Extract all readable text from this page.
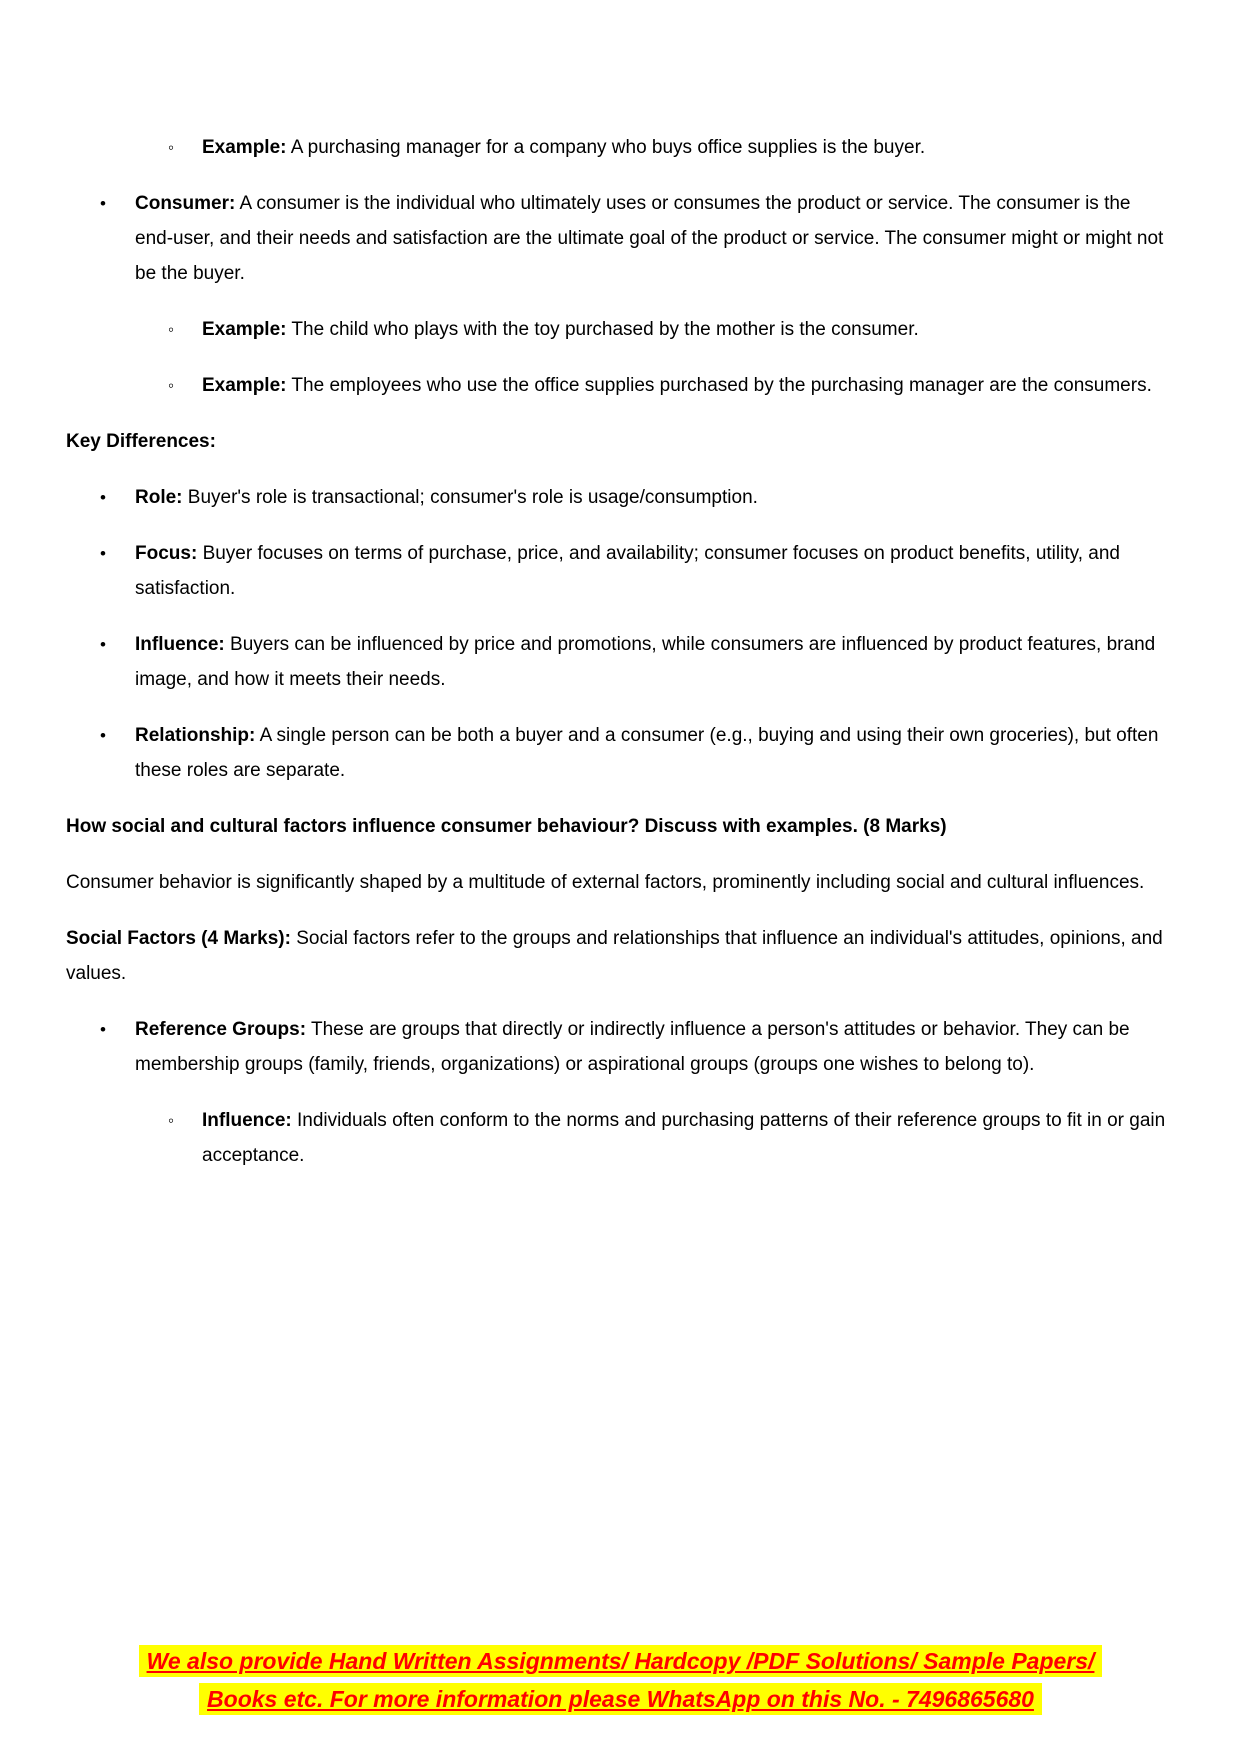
◦	Example: A purchasing manager for a company who buys office supplies is the buyer.
•	Consumer: A consumer is the individual who ultimately uses or consumes the product or service. The consumer is the end-user, and their needs and satisfaction are the ultimate goal of the product or service. The consumer might or might not be the buyer.
◦	Example: The child who plays with the toy purchased by the mother is the consumer.
◦	Example: The employees who use the office supplies purchased by the purchasing manager are the consumers.
Key Differences:
•	Role: Buyer's role is transactional; consumer's role is usage/consumption.
•	Focus: Buyer focuses on terms of purchase, price, and availability; consumer focuses on product benefits, utility, and satisfaction.
•	Influence: Buyers can be influenced by price and promotions, while consumers are influenced by product features, brand image, and how it meets their needs.
•	Relationship: A single person can be both a buyer and a consumer (e.g., buying and using their own groceries), but often these roles are separate.
How social and cultural factors influence consumer behaviour? Discuss with examples. (8 Marks)
Consumer behavior is significantly shaped by a multitude of external factors, prominently including social and cultural influences.
Social Factors (4 Marks): Social factors refer to the groups and relationships that influence an individual's attitudes, opinions, and values.
•	Reference Groups: These are groups that directly or indirectly influence a person's attitudes or behavior. They can be membership groups (family, friends, organizations) or aspirational groups (groups one wishes to belong to).
◦	Influence: Individuals often conform to the norms and purchasing patterns of their reference groups to fit in or gain acceptance.
We also provide Hand Written Assignments/ Hardcopy /PDF Solutions/ Sample Papers/
Books etc. For more information please WhatsApp on this No. - 7496865680
